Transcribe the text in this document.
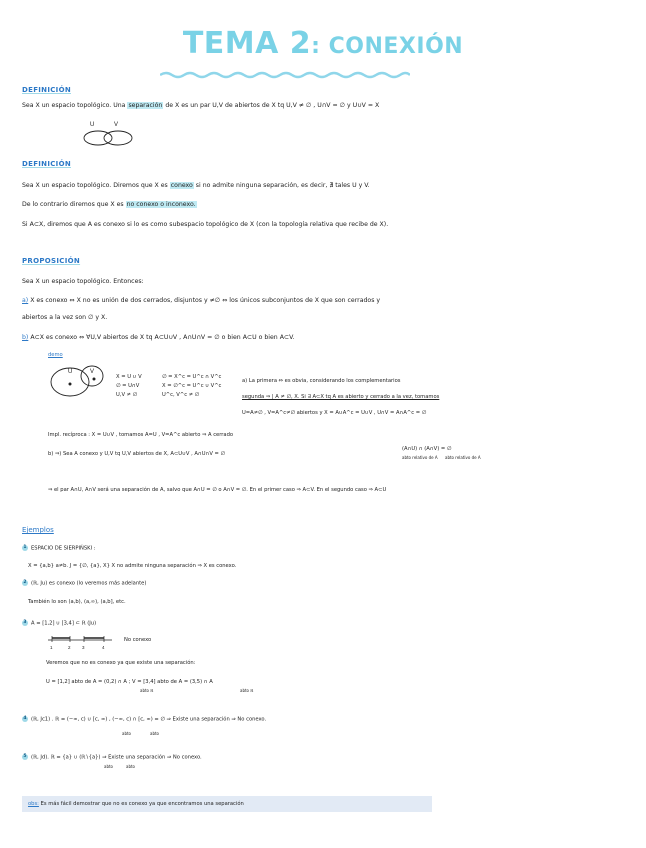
TEMA 2: CONEXIÓN
DEFINICIÓN
Sea X un espacio topológico. Una separación de X es un par U,V de abiertos de X tq U,V ≠ ∅ , U∩V = ∅ y U∪V = X
U	V
DEFINICIÓN
Sea X un espacio topológico. Diremos que X es conexo si no admite ninguna separación, es decir, ∄ tales U y V.
De lo contrario diremos que X es no conexo o inconexo.
Si A⊂X, diremos que A es conexo si lo es como subespacio topológico de X (con la topología relativa que recibe de X).
PROPOSICIÓN
Sea X un espacio topológico. Entonces:
a) X es conexo ⇔ X no es unión de dos cerrados, disjuntos y ≠∅ ⇔ los únicos subconjuntos de X que son cerrados y
abiertos a la vez son ∅ y X.
b) A⊂X es conexo ⇔ ∀U,V abiertos de X tq A⊂U∪V , A∩U∩V = ∅ o bien A⊂U o bien A⊂V.
demo
U	V
X = U ∪ V
∅ = U∩V
U,V ≠ ∅
∅ = X^c = U^c ∩ V^c
X = ∅^c = U^c ∪ V^c
U^c, V^c ≠ ∅
a) La primera ⇔ es obvia, considerando los complementarios
segunda ⇒ | A ≠ ∅, X. Si ∃ A⊂X tq A es abierto y cerrado a la vez, tomamos
U=A≠∅ , V=A^c≠∅ abiertos y X = A∪A^c = U∪V , U∩V = A∩A^c = ∅
Impl. recíproca : X = U∪V , tomamos A=U , V=A^c abierto ⇒ A cerrado
b) ⇒) Sea A conexo y U,V tq U,V abiertos de X, A⊂U∪V , A∩U∩V = ∅
(A∩U) ∩ (A∩V) = ∅
abto relativo de A abto relativo de A
⇒ el par A∩U, A∩V será una separación de A, salvo que A∩U = ∅ o A∩V = ∅. En el primer caso ⇒ A⊂V. En el segundo caso ⇒ A⊂U
Ejemplos
1 ESPACIO DE SIERPIŃSKI :
X = {a,b} a≠b. J = {∅, {a}, X} X no admite ninguna separación ⇒ X es conexo.
2 (ℝ, Ju) es conexo (lo veremos más adelante)
También lo son (a,b), (a,∞), (a,b], etc.
3 A = [1,2] ∪ [3,4] ⊂ ℝ (Ju)
1	2	3	4
No conexo
Veremos que no es conexo ya que existe una separación:
U = [1,2] abto de A = (0,2) ∩ A ; V = [3,4] abto de A = (3,5) ∩ A
abto ℝ	abto ℝ
4 (ℝ, Jc1) . ℝ = (−∞, c) ∪ [c, ∞) , (−∞, c) ∩ [c, ∞) = ∅ ⇒ Existe una separación ⇒ No conexo.
abto	abto
5 (ℝ, Jd). ℝ = {a} ∪ (ℝ∖{a}) ⇒ Existe una separación ⇒ No conexo.
abto	abto
obs: Es más fácil demostrar que no es conexo ya que encontramos una separación
